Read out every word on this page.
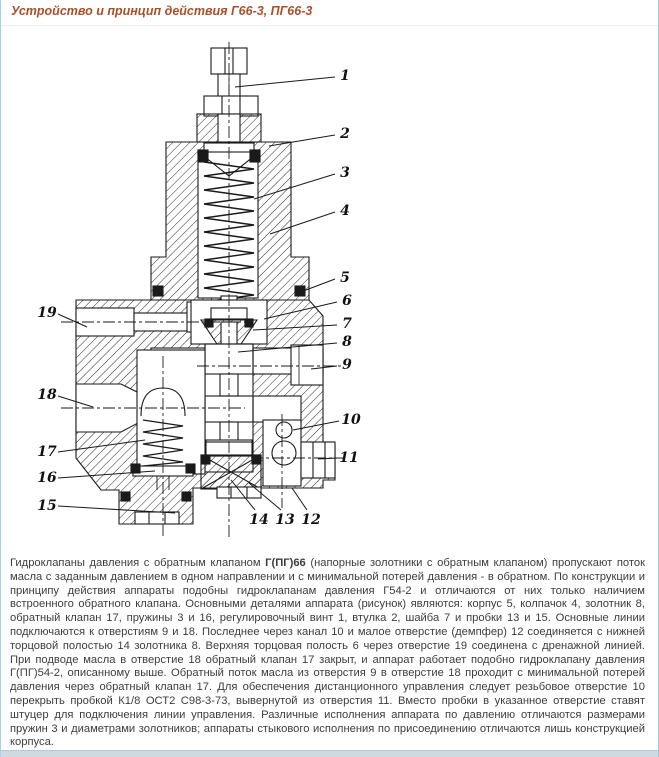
Устройство и принцип действия Г66-3, ПГ66-3
1
2
3
4
5
6
7
8
9
10
11
12
13
14
15
16
17
18
19
Гидроклапаны давления с обратным клапаном Г(ПГ)66 (напорные золотники с обратным клапаном) пропускают поток масла с заданным давлением в одном направлении и с минимальной потерей давления - в обратном. По конструкции и принципу действия аппараты подобны гидроклапанам давления Г54-2 и отличаются от них только наличием встроенного обратного клапана. Основными деталями аппарата (рисунок) являются: корпус 5, колпачок 4, золотник 8, обратный клапан 17, пружины 3 и 16, регулировочный винт 1, втулка 2, шайба 7 и пробки 13 и 15. Основные линии подключаются к отверстиям 9 и 18. Последнее через канал 10 и малое отверстие (демпфер) 12 соединяется с нижней торцовой полостью 14 золотника 8. Верхняя торцовая полость 6 через отверстие 19 соединена с дренажной линией. При подводе масла в отверстие 18 обратный клапан 17 закрыт, и аппарат работает подобно гидроклапану давления Г(ПГ)54-2, описанному выше. Обратный поток масла из отверстия 9 в отверстие 18 проходит с минимальной потерей давления через обратный клапан 17. Для обеспечения дистанционного управления следует резьбовое отверстие 10 перекрыть пробкой К1/8 ОСТ2 С98-3-73, вывернутой из отверстия 11. Вместо пробки в указанное отверстие ставят штуцер для подключения линии управления. Различные исполнения аппарата по давлению отличаются размерами пружин 3 и диаметрами золотников; аппараты стыкового исполнения по присоединению отличаются лишь конструкцией корпуса.
